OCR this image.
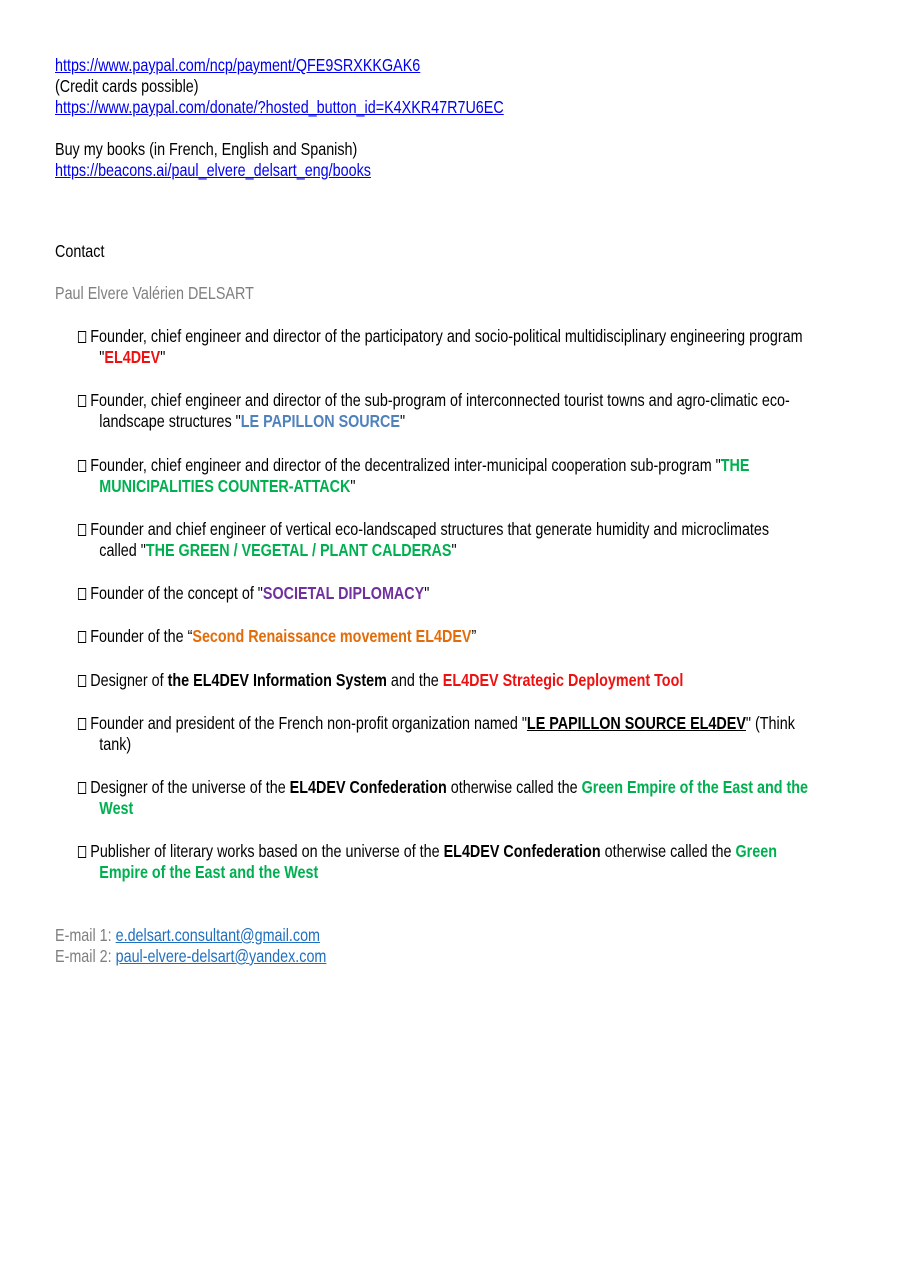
https://www.paypal.com/ncp/payment/QFE9SRXKKGAK6
(Credit cards possible)
https://www.paypal.com/donate/?hosted_button_id=K4XKR47R7U6EC
Buy my books (in French, English and Spanish)
https://beacons.ai/paul_elvere_delsart_eng/books
Contact
Paul Elvere Valérien DELSART
Founder, chief engineer and director of the participatory and socio-political multidisciplinary engineering program
"EL4DEV"
Founder, chief engineer and director of the sub-program of interconnected tourist towns and agro-climatic eco-
landscape structures "LE PAPILLON SOURCE"
Founder, chief engineer and director of the decentralized inter-municipal cooperation sub-program "THE
MUNICIPALITIES COUNTER-ATTACK"
Founder and chief engineer of vertical eco-landscaped structures that generate humidity and microclimates
called "THE GREEN / VEGETAL / PLANT CALDERAS"
Founder of the concept of "SOCIETAL DIPLOMACY"
Founder of the “Second Renaissance movement EL4DEV”
Designer of the EL4DEV Information System and the EL4DEV Strategic Deployment Tool
Founder and president of the French non-profit organization named "LE PAPILLON SOURCE EL4DEV" (Think
tank)
Designer of the universe of the EL4DEV Confederation otherwise called the Green Empire of the East and the
West
Publisher of literary works based on the universe of the EL4DEV Confederation otherwise called the Green
Empire of the East and the West
E-mail 1: e.delsart.consultant@gmail.com
E-mail 2: paul-elvere-delsart@yandex.com
